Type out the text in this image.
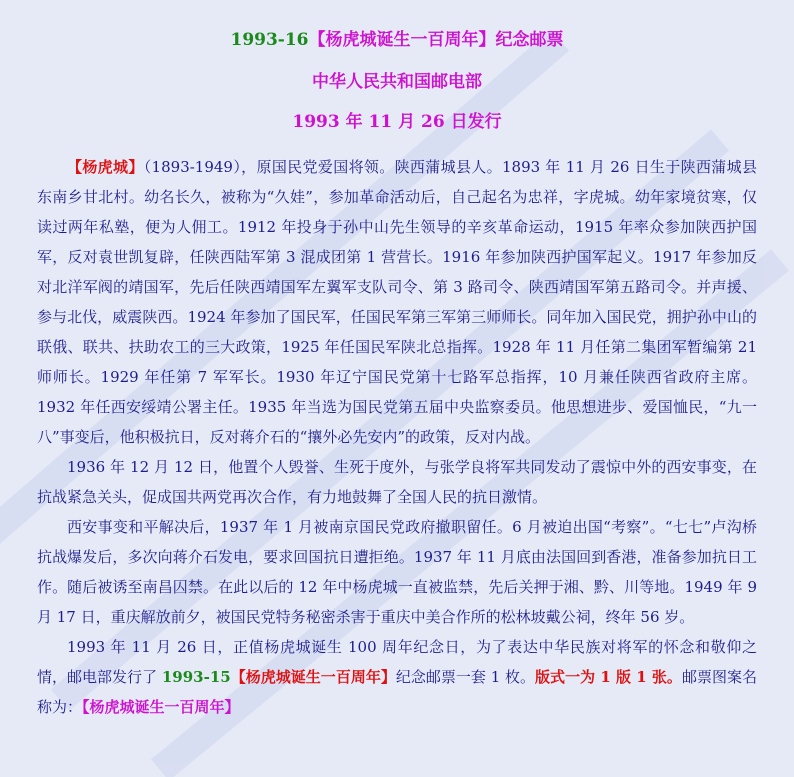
1993-16【杨虎城诞生一百周年】纪念邮票
中华人民共和国邮电部
1993 年 11 月 26 日发行

【杨虎城】（1893-1949），原国民党爱国将领。陕西蒲城县人。1893 年 11 月 26 日生于陕西蒲城县东南乡甘北村。幼名长久，被称为“久娃”，参加革命活动后，自己起名为忠祥，字虎城。幼年家境贫寒，仅读过两年私塾，便为人佣工。1912 年投身于孙中山先生领导的辛亥革命运动，1915 年率众参加陕西护国军，反对袁世凯复辟，任陕西陆军第 3 混成团第 1 营营长。1916 年参加陕西护国军起义。1917 年参加反对北洋军阀的靖国军，先后任陕西靖国军左翼军支队司令、第 3 路司令、陕西靖国军第五路司令。并声援、参与北伐，威震陕西。1924 年参加了国民军，任国民军第三军第三师师长。同年加入国民党，拥护孙中山的联俄、联共、扶助农工的三大政策，1925 年任国民军陕北总指挥。1928 年 11 月任第二集团军暂编第 21 师师长。1929 年任第 7 军军长。1930 年辽宁国民党第十七路军总指挥，10 月兼任陕西省政府主席。1932 年任西安绥靖公署主任。1935 年当选为国民党第五届中央监察委员。他思想进步、爱国恤民，“九一八”事变后，他积极抗日，反对蒋介石的“攘外必先安内”的政策，反对内战。

1936 年 12 月 12 日，他置个人毁誉、生死于度外，与张学良将军共同发动了震惊中外的西安事变，在抗战紧急关头，促成国共两党再次合作，有力地鼓舞了全国人民的抗日激情。

西安事变和平解决后，1937 年 1 月被南京国民党政府撤职留任。6 月被迫出国“考察”。“七七”卢沟桥抗战爆发后，多次向蒋介石发电，要求回国抗日遭拒绝。1937 年 11 月底由法国回到香港，准备参加抗日工作。随后被诱至南昌囚禁。在此以后的 12 年中杨虎城一直被监禁，先后关押于湘、黔、川等地。1949 年 9 月 17 日，重庆解放前夕，被国民党特务秘密杀害于重庆中美合作所的松林坡戴公祠，终年 56 岁。

1993 年 11 月 26 日，正值杨虎城诞生 100 周年纪念日，为了表达中华民族对将军的怀念和敬仰之情，邮电部发行了 1993-15【杨虎城诞生一百周年】纪念邮票一套 1 枚。版式一为 1 版 1 张。邮票图案名称为：【杨虎城诞生一百周年】
